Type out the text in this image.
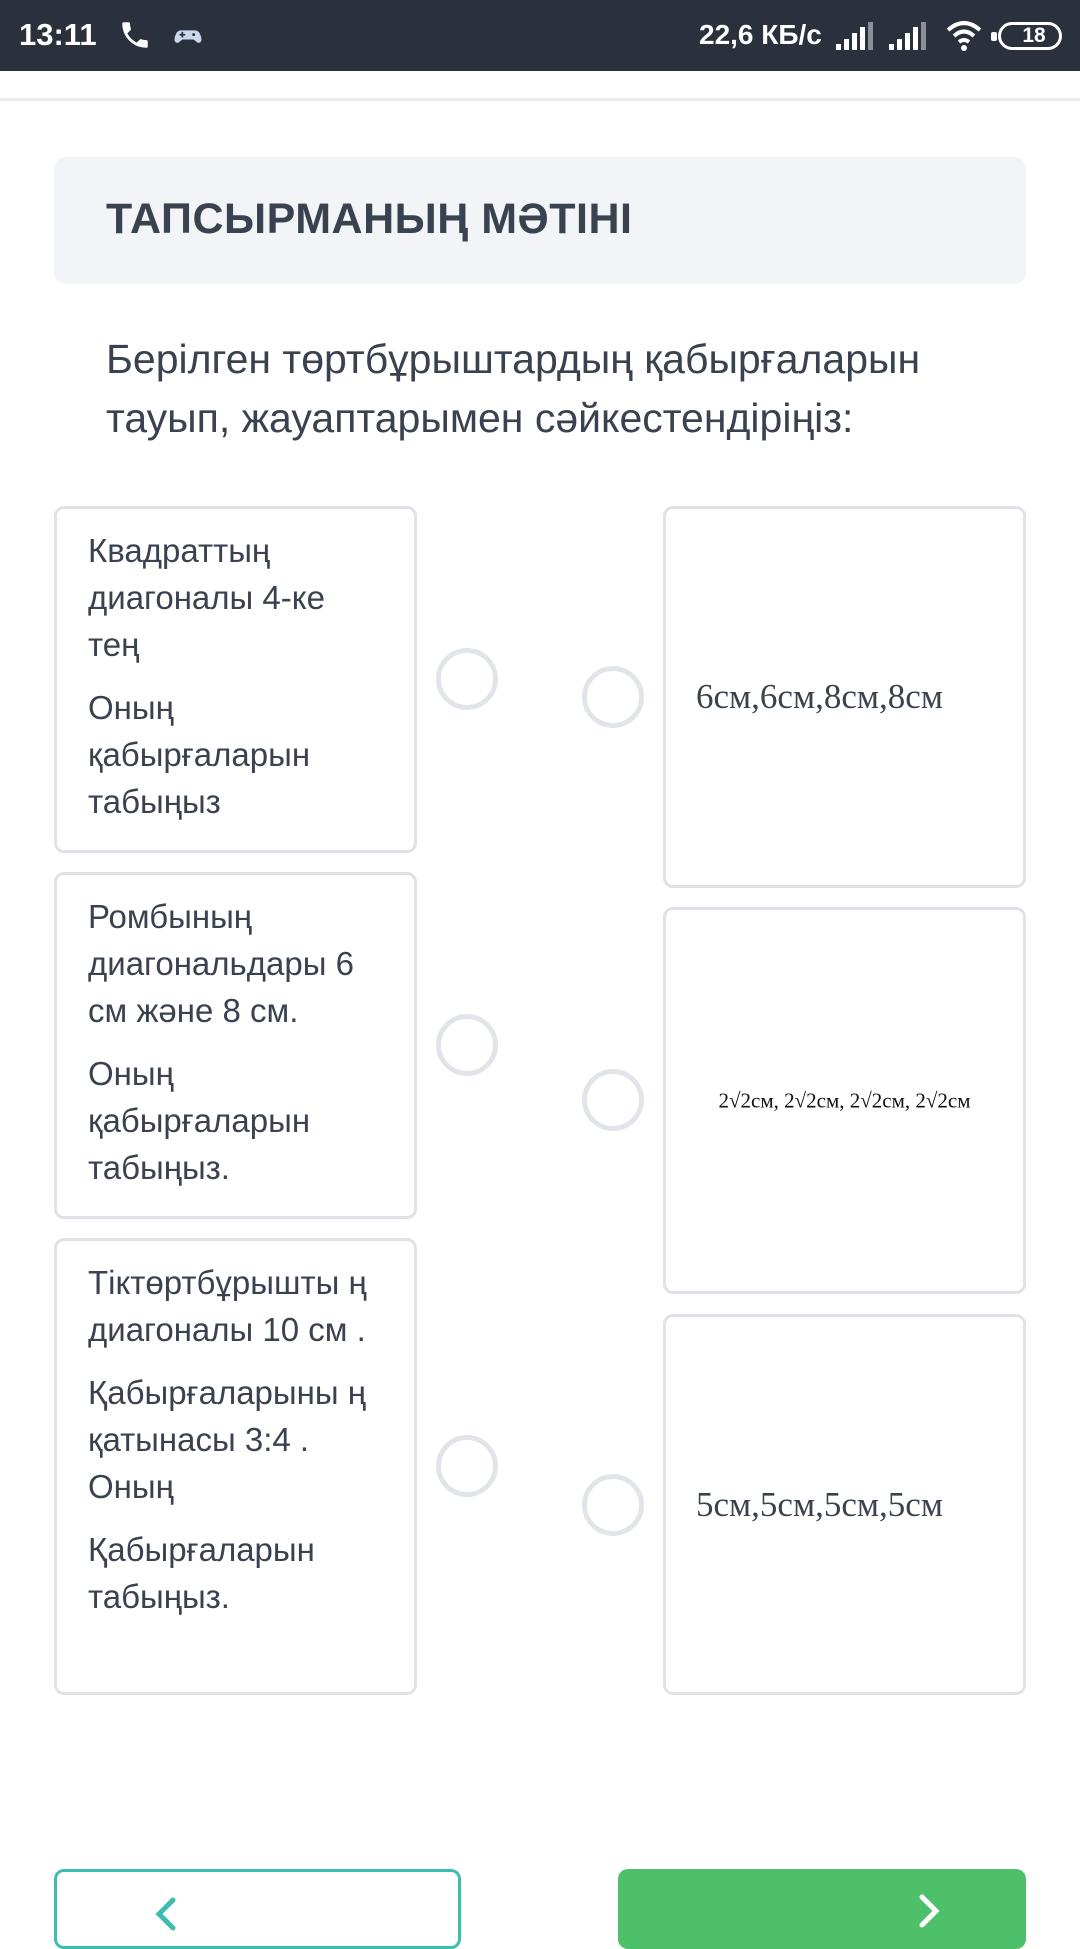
13:11	22,6 КБ/с	18
ТАПСЫРМАНЫҢ МӘТІНІ
Берілген төртбұрыштардың қабырғаларын тауып, жауаптарымен сәйкестендіріңіз:

Квадраттың диагоналы 4-ке тең

Оның қабырғаларын табыңыз

Ромбының диагональдары 6 см және 8 см.

Оның қабырғаларын табыңыз.

Тіктөртбұрышты ң диагоналы 10 см .

Қабырғаларыны ң қатынасы 3:4 . Оның

Қабырғаларын табыңыз.

6см,6см,8см,8см
2√2см, 2√2см, 2√2см, 2√2см
5см,5см,5см,5см
